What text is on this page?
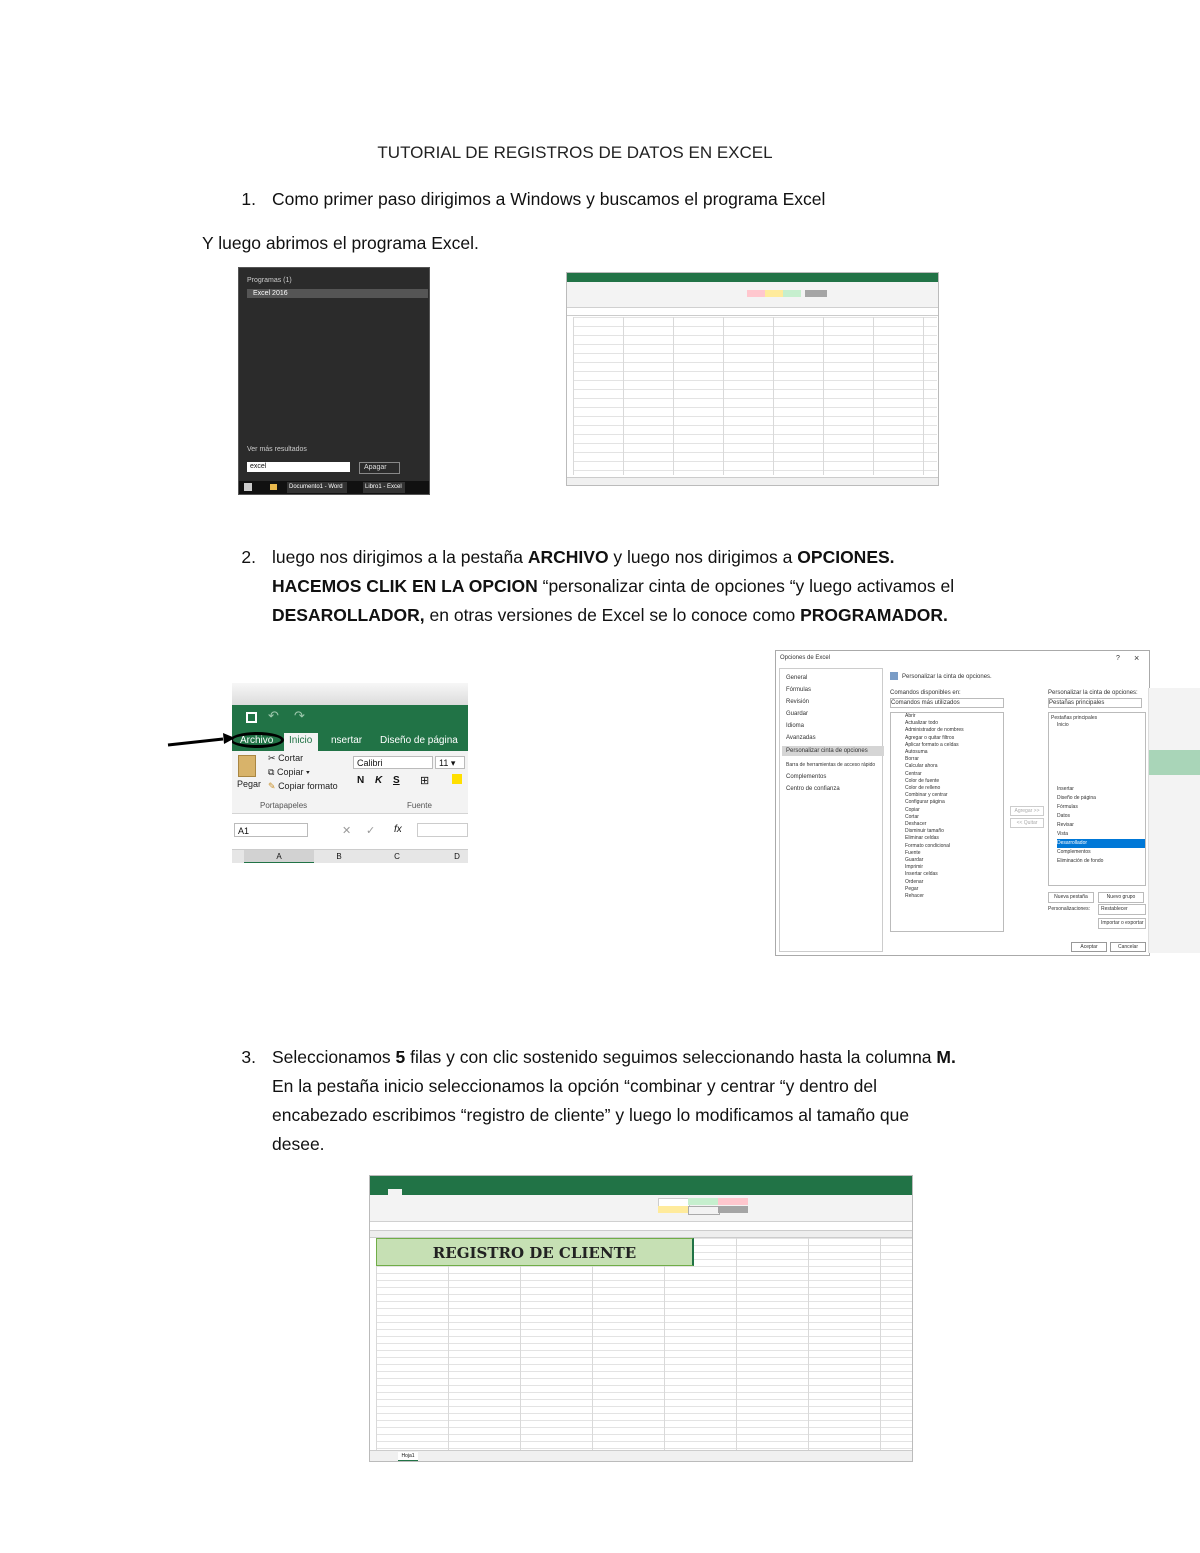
TUTORIAL DE REGISTROS DE DATOS EN EXCEL
1. Como primer paso dirigimos a Windows y buscamos el programa Excel
Y luego abrimos el programa Excel.
Programas (1)
Excel 2016
Ver más resultados
excel	Apagar
Documento1 - Word	Libro1 - Excel
2. luego nos dirigimos a la pestaña ARCHIVO y luego nos dirigimos a OPCIONES.
HACEMOS CLIK EN LA OPCION “personalizar cinta de opciones “y luego activamos el
DESAROLLADOR, en otras versiones de Excel se lo conoce como PROGRAMADOR.
↶ ↷
Archivo Inicio nsertar Diseño de página
Pegar
✂ Cortar
⧉ Copiar ▾
✎ Copiar formato
Calibri	11 ▾
N K S ⊞
Portapapeles	Fuente
A1	✕ ✓ fx
A	B	C	D
Opciones de Excel	? ×
General
Fórmulas
Revisión
Guardar
Idioma
Avanzadas
Personalizar cinta de opciones
Barra de herramientas de acceso rápido
Complementos
Centro de confianza
Personalizar la cinta de opciones.
Comandos disponibles en:
Comandos más utilizados
Personalizar la cinta de opciones:
Pestañas principales
Abrir
Actualizar todo
Administrador de nombres
Agregar o quitar filtros
Aplicar formato a celdas
Autosuma
Borrar
Calcular ahora
Centrar
Color de fuente
Color de relleno
Combinar y centrar
Configurar página
Copiar
Cortar
Deshacer
Disminuir tamaño
Eliminar celdas
Formato condicional
Fuente
Guardar
Imprimir
Insertar celdas
Ordenar
Pegar
Rehacer
Agregar >>
<< Quitar
Pestañas principales
Inicio
Insertar
Diseño de página
Fórmulas
Datos
Revisar
Vista
Desarrollador
Complementos
Eliminación de fondo
Nueva pestaña	Nuevo grupo
Personalizaciones:	Restablecer
Importar o exportar
Aceptar	Cancelar
3. Seleccionamos 5 filas y con clic sostenido seguimos seleccionando hasta la columna M.
En la pestaña inicio seleccionamos la opción “combinar y centrar “y dentro del
encabezado escribimos “registro de cliente” y luego lo modificamos al tamaño que
desee.
REGISTRO DE CLIENTE
Hoja1
